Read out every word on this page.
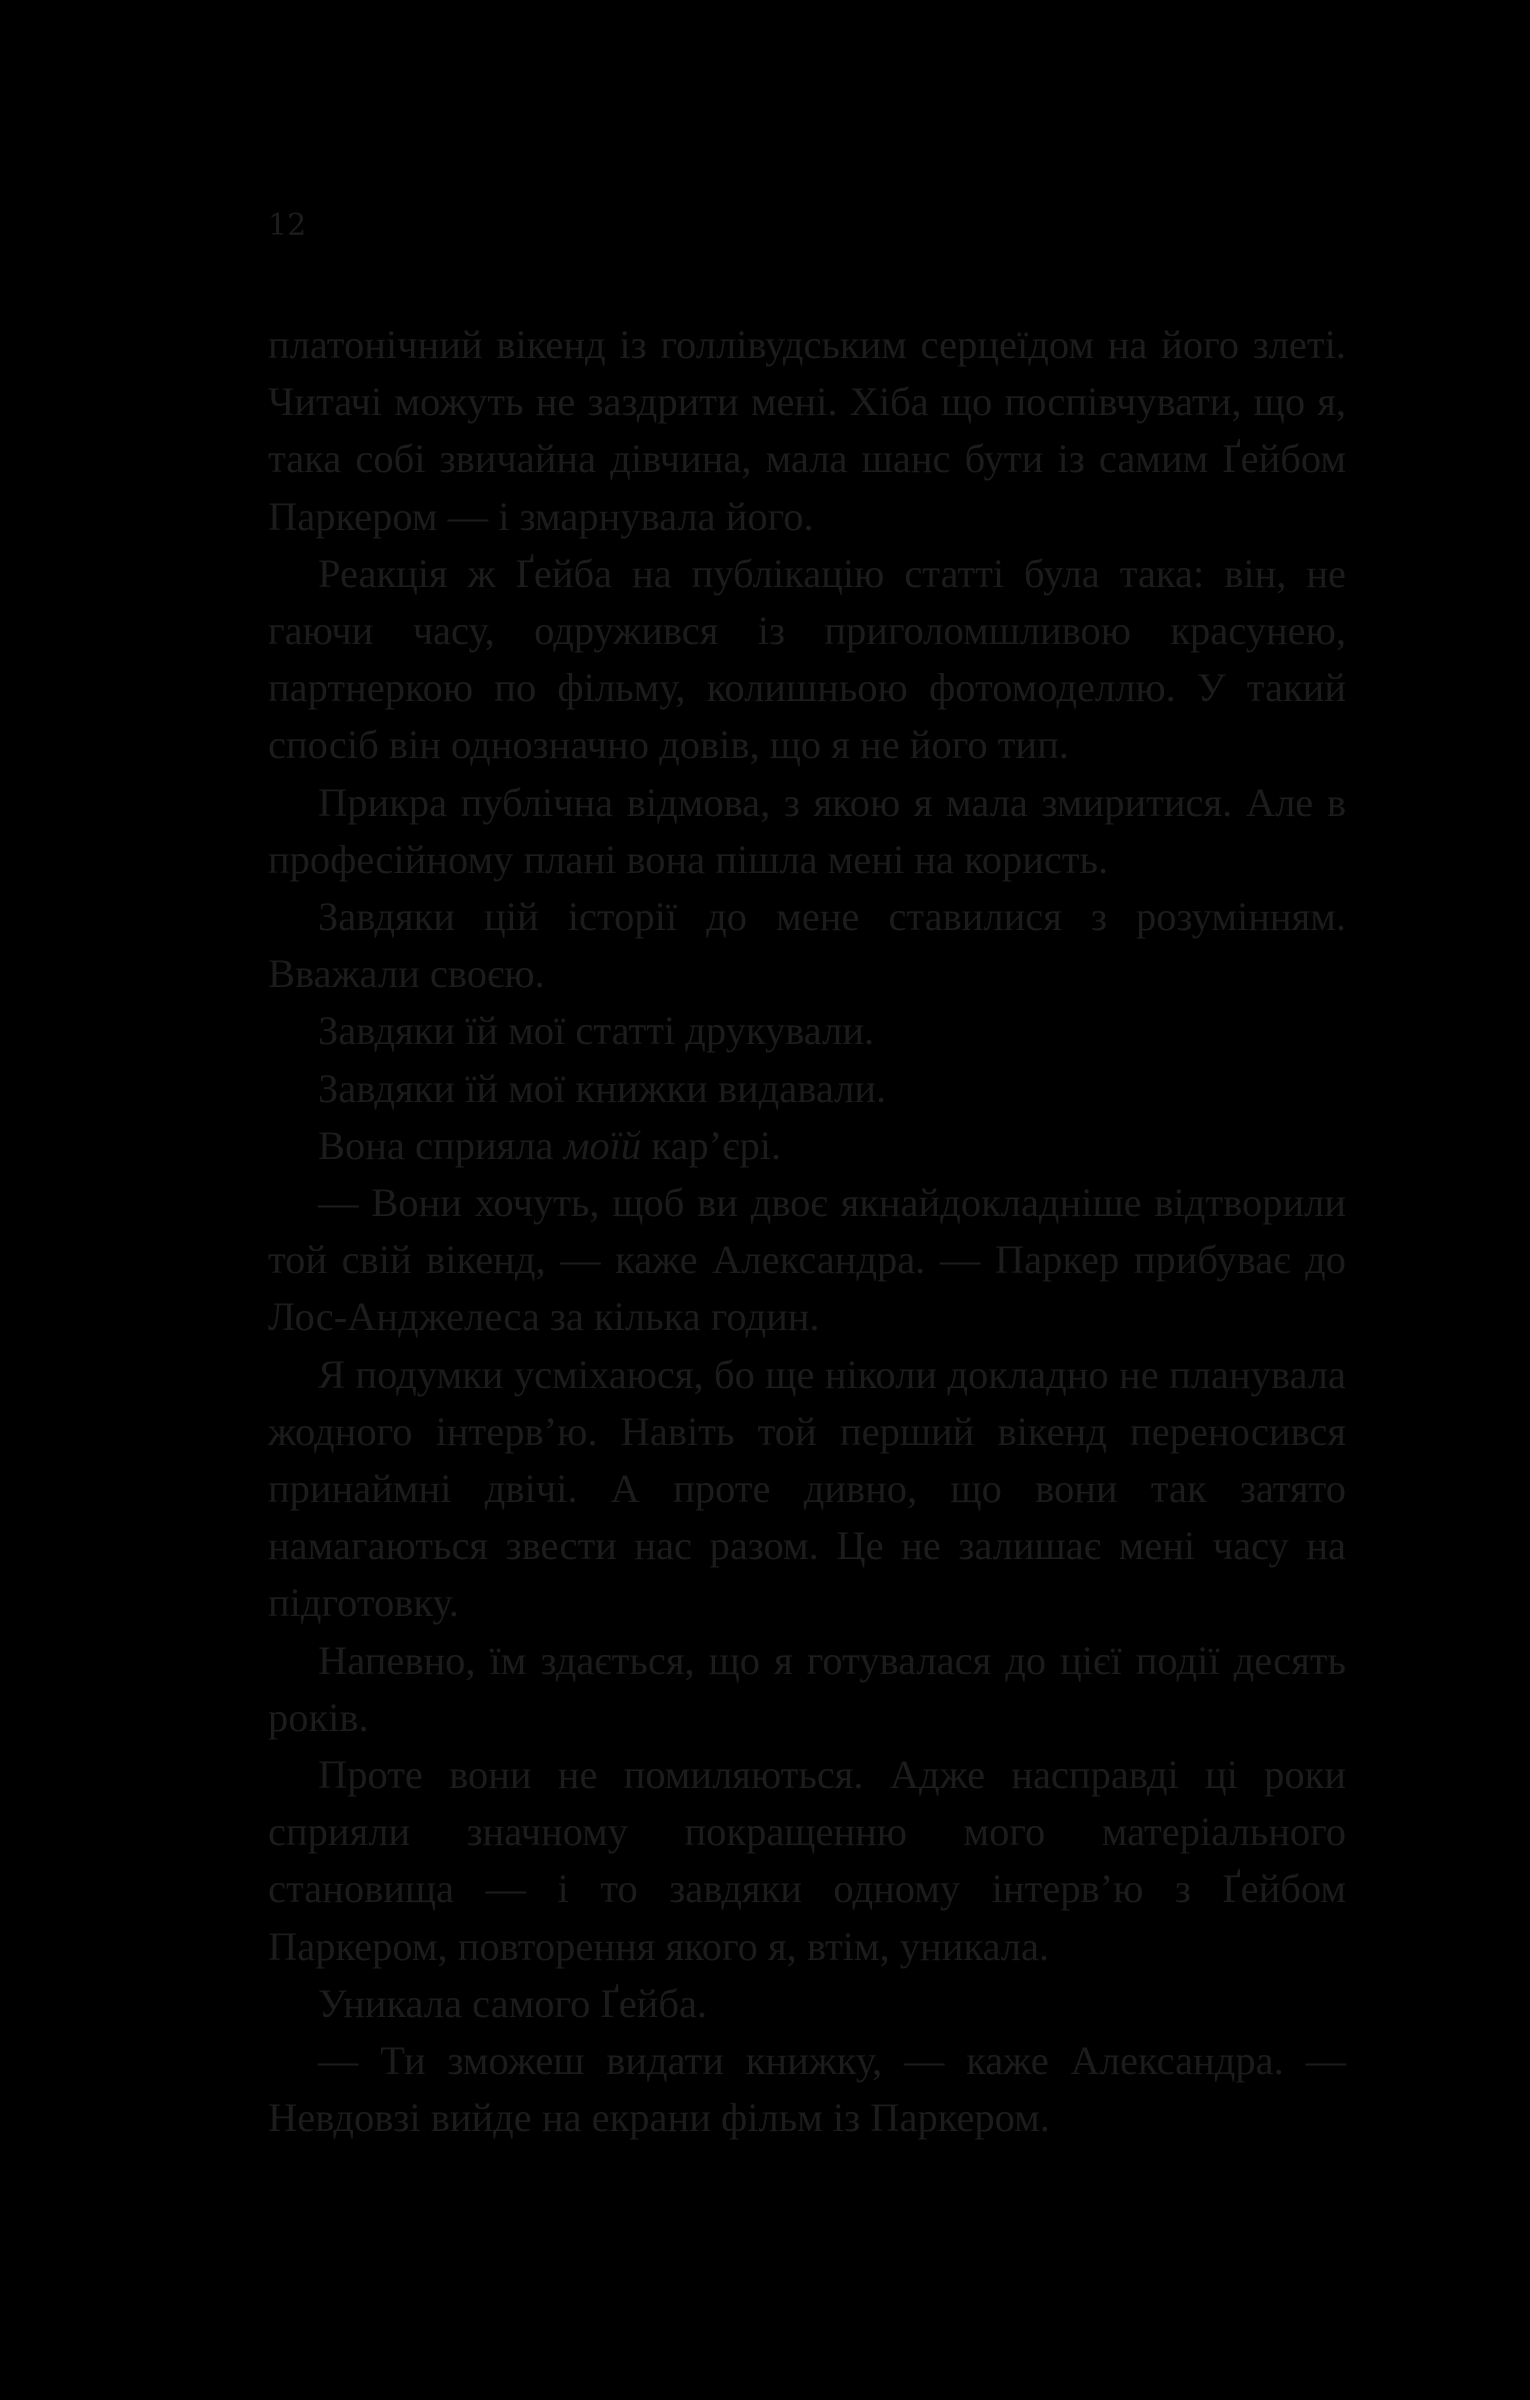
12

платонічний вікенд із голлівудським серцеїдом на його злеті. Читачі можуть не заздрити мені. Хіба що поспівчувати, що я, така собі звичайна дівчина, мала шанс бути із самим Ґейбом Паркером — і змарнувала його.

Реакція ж Ґейба на публікацію статті була така: він, не гаючи часу, одружився із приголомшливою красунею, партнеркою по фільму, колишньою фотомоделлю. У такий спосіб він однозначно довів, що я не його тип.

Прикра публічна відмова, з якою я мала змиритися. Але в професійному плані вона пішла мені на користь.

Завдяки цій історії до мене ставилися з розумінням. Вважали своєю.

Завдяки їй мої статті друкували.

Завдяки їй мої книжки видавали.

Вона сприяла моїй кар’єрі.

— Вони хочуть, щоб ви двоє якнайдокладніше відтворили той свій вікенд, — каже Александра. — Паркер прибуває до Лос-Анджелеса за кілька годин.

Я подумки усміхаюся, бо ще ніколи докладно не планувала жодного інтерв’ю. Навіть той перший вікенд переносився принаймні двічі. А проте дивно, що вони так затято намагаються звести нас разом. Це не залишає мені часу на підготовку.

Напевно, їм здається, що я готувалася до цієї події десять років.

Проте вони не помиляються. Адже насправді ці роки сприяли значному покращенню мого матеріального становища — і то завдяки одному інтерв’ю з Ґейбом Паркером, повторення якого я, втім, уникала.

Уникала самого Ґейба.

— Ти зможеш видати книжку, — каже Александра. — Невдовзі вийде на екрани фільм із Паркером.
